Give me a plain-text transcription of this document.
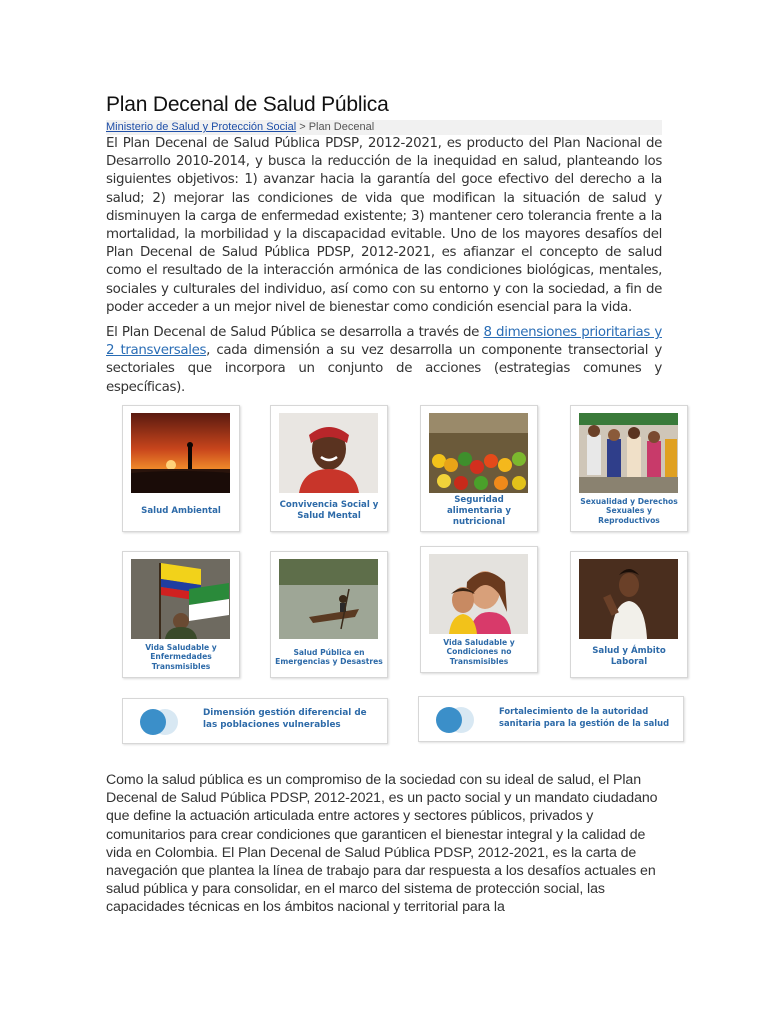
Plan Decenal de Salud Pública
Ministerio de Salud y Protección Social > Plan Decenal

El Plan Decenal de Salud Pública PDSP, 2012-2021, es producto del Plan Nacional de Desarrollo 2010-2014, y busca la reducción de la inequidad en salud, planteando los siguientes objetivos: 1) avanzar hacia la garantía del goce efectivo del derecho a la salud; 2) mejorar las condiciones de vida que modifican la situación de salud y disminuyen la carga de enfermedad existente; 3) mantener cero tolerancia frente a la mortalidad, la morbilidad y la discapacidad evitable. Uno de los mayores desafíos del Plan Decenal de Salud Pública PDSP, 2012-2021, es afianzar el concepto de salud como el resultado de la interacción armónica de las condiciones biológicas, mentales, sociales y culturales del individuo, así como con su entorno y con la sociedad, a fin de poder acceder a un mejor nivel de bienestar como condición esencial para la vida.

El Plan Decenal de Salud Pública se desarrolla a través de 8 dimensiones prioritarias y 2 transversales, cada dimensión a su vez desarrolla un componente transectorial y sectoriales que incorpora un conjunto de acciones (estrategias comunes y específicas).

Salud Ambiental
Convivencia Social y Salud Mental
Seguridad alimentaria y nutricional
Sexualidad y Derechos Sexuales y Reproductivos
Vida Saludable y Enfermedades Transmisibles
Salud Pública en Emergencias y Desastres
Vida Saludable y Condiciones no Transmisibles
Salud y Ámbito Laboral
Dimensión gestión diferencial de las poblaciones vulnerables
Fortalecimiento de la autoridad sanitaria para la gestión de la salud

Como la salud pública es un compromiso de la sociedad con su ideal de salud, el Plan Decenal de Salud Pública PDSP, 2012-2021, es un pacto social y un mandato ciudadano que define la actuación articulada entre actores y sectores públicos, privados y comunitarios para crear condiciones que garanticen el bienestar integral y la calidad de vida en Colombia. El Plan Decenal de Salud Pública PDSP, 2012-2021, es la carta de navegación que plantea la línea de trabajo para dar respuesta a los desafíos actuales en salud pública y para consolidar, en el marco del sistema de protección social, las capacidades técnicas en los ámbitos nacional y territorial para la
